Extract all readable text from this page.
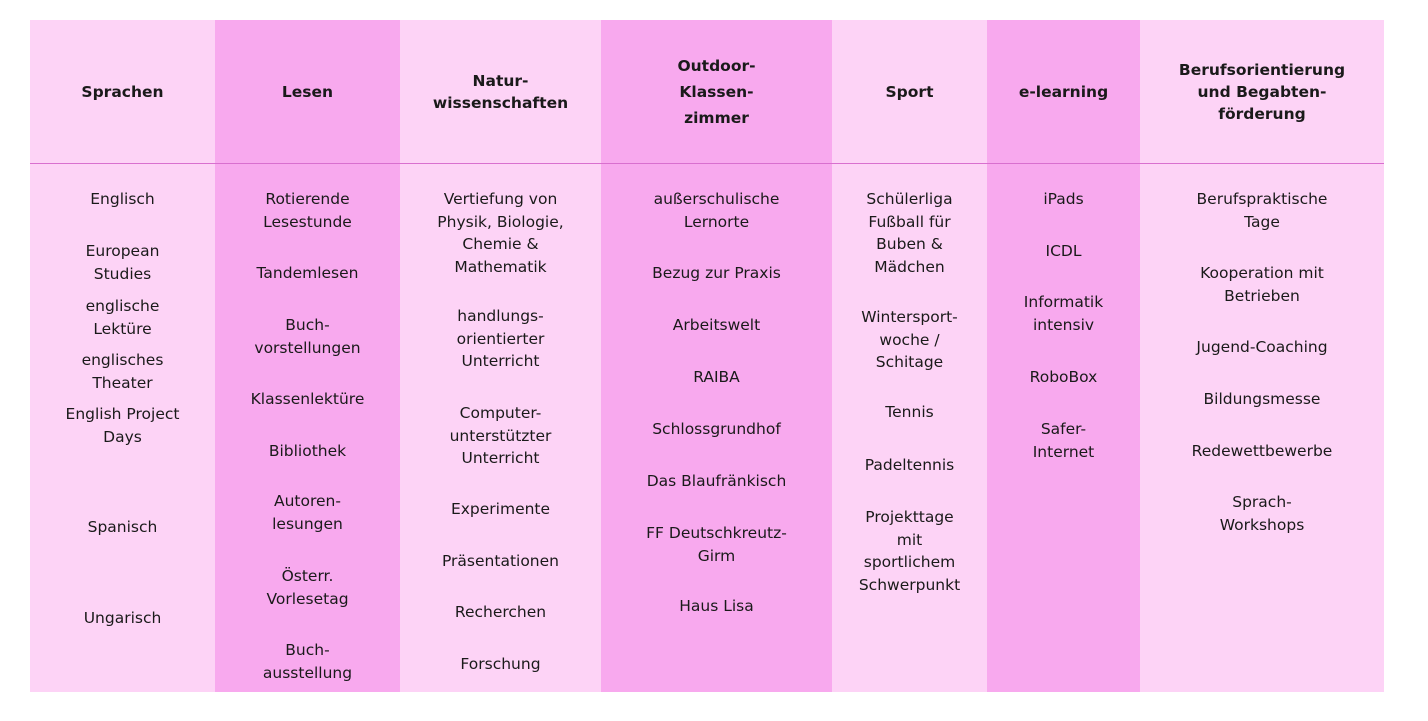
Sprachen
Englisch
European
Studies
englische
Lektüre
englisches
Theater
English Project
Days
Spanisch
Ungarisch
Lesen
Rotierende
Lesestunde
Tandemlesen
Buch-
vorstellungen
Klassenlektüre
Bibliothek
Autoren-
lesungen
Österr.
Vorlesetag
Buch-
ausstellung
Natur-
wissenschaften
Vertiefung von
Physik, Biologie,
Chemie &
Mathematik
handlungs-
orientierter
Unterricht
Computer-
unterstützter
Unterricht
Experimente
Präsentationen
Recherchen
Forschung
Outdoor-
Klassen-
zimmer
außerschulische
Lernorte
Bezug zur Praxis
Arbeitswelt
RAIBA
Schlossgrundhof
Das Blaufränkisch
FF Deutschkreutz-
Girm
Haus Lisa
Sport
Schülerliga
Fußball für
Buben &
Mädchen
Wintersport-
woche /
Schitage
Tennis
Padeltennis
Projekttage
mit
sportlichem
Schwerpunkt
e-learning
iPads
ICDL
Informatik
intensiv
RoboBox
Safer-
Internet
Berufsorientierung
und Begabten-
förderung
Berufspraktische
Tage
Kooperation mit
Betrieben
Jugend-Coaching
Bildungsmesse
Redewettbewerbe
Sprach-
Workshops
